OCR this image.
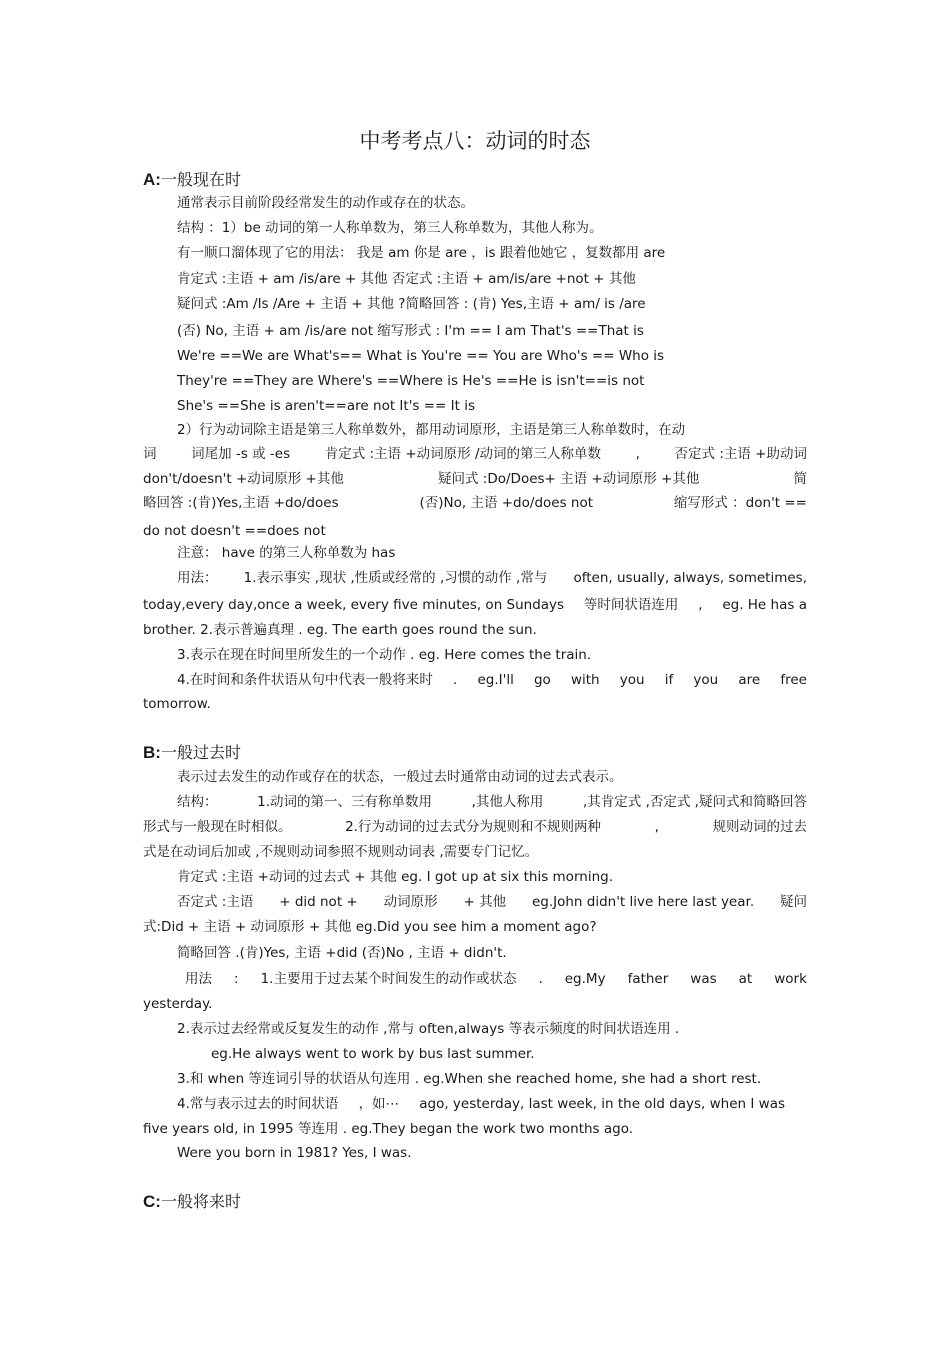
中考考点八：动词的时态
A:一般现在时
通常表示目前阶段经常发生的动作或存在的状态。
结构 ：1）be 动词的第一人称单数为，第三人称单数为，其他人称为。
有一顺口溜体现了它的用法： 我是 am 你是 are ，is 跟着他她它 ，复数都用 are
肯定式 :主语 + am /is/are + 其他 否定式 :主语 + am/is/are +not + 其他
疑问式 :Am /Is /Are + 主语 + 其他 ?简略回答 : (肯) Yes,主语 + am/ is /are
(否) No, 主语 + am /is/are not 缩写形式 : I'm == I am That's ==That is
We're ==We are What's== What is You're == You are Who's == Who is
They're ==They are Where's ==Where is He's ==He is isn't==is not
She's ==She is aren't==are not It's == It is
2）行为动词除主语是第三人称单数外，都用动词原形，主语是第三人称单数时，在动
词	词尾加 -s 或 -es	肯定式 :主语 +动词原形 /动词的第三人称单数	,	否定式 :主语 +助动词
don't/doesn't +动词原形 +其他	疑问式 :Do/Does+ 主语 +动词原形 +其他	简
略回答 :(肯)Yes,主语 +do/does	(否)No, 主语 +do/does not	缩写形式 ：don't ==
do not doesn't ==does not
注意： have 的第三人称单数为 has
用法： 1.表示事实 ,现状 ,性质或经常的 ,习惯的动作 ,常与 often, usually, always, sometimes,
today,every day,once a week, every five minutes, on Sundays 等时间状语连用 , eg. He has a
brother. 2.表示普遍真理 . eg. The earth goes round the sun.
3.表示在现在时间里所发生的一个动作 . eg. Here comes the train.
4.在时间和条件状语从句中代表一般将来时 . eg.I'll go with you if you are free
tomorrow.
B:一般过去时
表示过去发生的动作或存在的状态，一般过去时通常由动词的过去式表示。
结构：	1.动词的第一、三有称单数用	,其他人称用	,其肯定式 ,否定式 ,疑问式和简略回答
形式与一般现在时相似。	2.行为动词的过去式分为规则和不规则两种	,	规则动词的过去
式是在动词后加或 ,不规则动词参照不规则动词表 ,需要专门记忆。
肯定式 :主语 +动词的过去式 + 其他 eg. I got up at six this morning.
否定式 :主语 + did not + 动词原形 + 其他 eg.John didn't live here last year. 疑问
式:Did + 主语 + 动词原形 + 其他 eg.Did you see him a moment ago?
简略回答 .(肯)Yes, 主语 +did (否)No , 主语 + didn't.
用法 : 1.主要用于过去某个时间发生的动作或状态 . eg.My father was at work
yesterday.
2.表示过去经常或反复发生的动作 ,常与 often,always 等表示频度的时间状语连用 .
eg.He always went to work by bus last summer.
3.和 when 等连词引导的状语从句连用 . eg.When she reached home, she had a short rest.
4.常与表示过去的时间状语 ，如⋯ ago, yesterday, last week, in the old days, when I was
five years old, in 1995 等连用 . eg.They began the work two months ago.
Were you born in 1981? Yes, I was.
C:一般将来时
